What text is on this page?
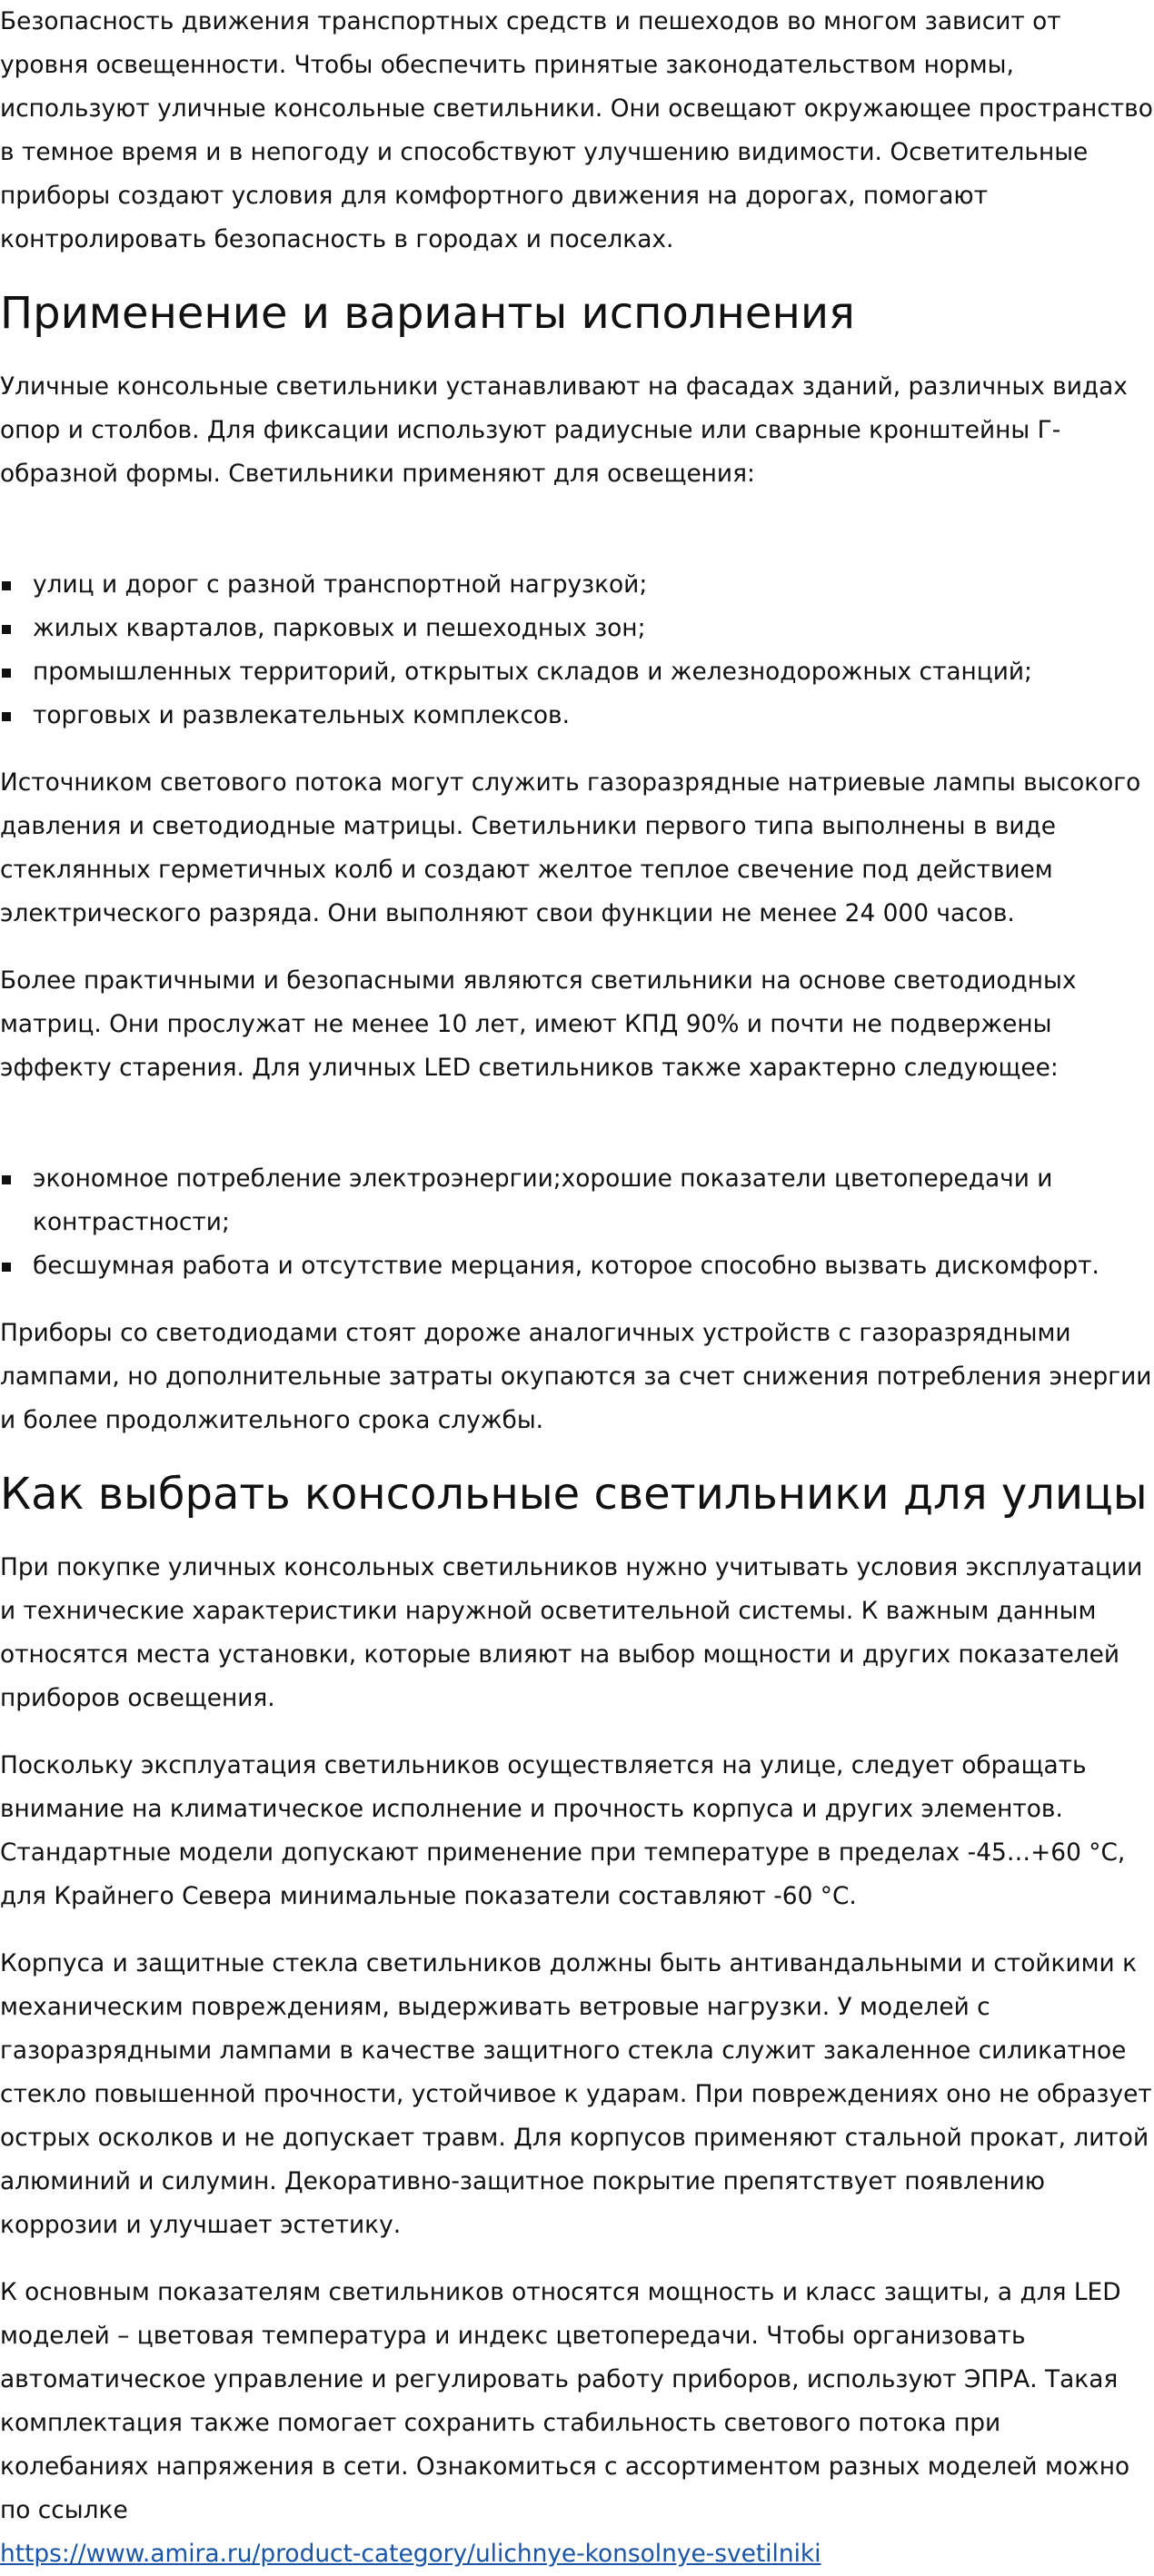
Безопасность движения транспортных средств и пешеходов во многом зависит от уровня освещенности. Чтобы обеспечить принятые законодательством нормы, используют уличные консольные светильники. Они освещают окружающее пространство в темное время и в непогоду и способствуют улучшению видимости. Осветительные приборы создают условия для комфортного движения на дорогах, помогают контролировать безопасность в городах и поселках.

Применение и варианты исполнения

Уличные консольные светильники устанавливают на фасадах зданий, различных видах опор и столбов. Для фиксации используют радиусные или сварные кронштейны Г-образной формы. Светильники применяют для освещения:

улиц и дорог с разной транспортной нагрузкой;
жилых кварталов, парковых и пешеходных зон;
промышленных территорий, открытых складов и железнодорожных станций;
торговых и развлекательных комплексов.

Источником светового потока могут служить газоразрядные натриевые лампы высокого давления и светодиодные матрицы. Светильники первого типа выполнены в виде стеклянных герметичных колб и создают желтое теплое свечение под действием электрического разряда. Они выполняют свои функции не менее 24 000 часов.

Более практичными и безопасными являются светильники на основе светодиодных матриц. Они прослужат не менее 10 лет, имеют КПД 90% и почти не подвержены эффекту старения. Для уличных LED светильников также характерно следующее:

экономное потребление электроэнергии;хорошие показатели цветопередачи и контрастности;
бесшумная работа и отсутствие мерцания, которое способно вызвать дискомфорт.

Приборы со светодиодами стоят дороже аналогичных устройств с газоразрядными лампами, но дополнительные затраты окупаются за счет снижения потребления энергии и более продолжительного срока службы.

Как выбрать консольные светильники для улицы

При покупке уличных консольных светильников нужно учитывать условия эксплуатации и технические характеристики наружной осветительной системы. К важным данным относятся места установки, которые влияют на выбор мощности и других показателей приборов освещения.

Поскольку эксплуатация светильников осуществляется на улице, следует обращать внимание на климатическое исполнение и прочность корпуса и других элементов. Стандартные модели допускают применение при температуре в пределах -45…+60 °C, для Крайнего Севера минимальные показатели составляют -60 °C.

Корпуса и защитные стекла светильников должны быть антивандальными и стойкими к механическим повреждениям, выдерживать ветровые нагрузки. У моделей с газоразрядными лампами в качестве защитного стекла служит закаленное силикатное стекло повышенной прочности, устойчивое к ударам. При повреждениях оно не образует острых осколков и не допускает травм. Для корпусов применяют стальной прокат, литой алюминий и силумин. Декоративно-защитное покрытие препятствует появлению коррозии и улучшает эстетику.

К основным показателям светильников относятся мощность и класс защиты, а для LED моделей – цветовая температура и индекс цветопередачи. Чтобы организовать автоматическое управление и регулировать работу приборов, используют ЭПРА. Такая комплектация также помогает сохранить стабильность светового потока при колебаниях напряжения в сети. Ознакомиться с ассортиментом разных моделей можно по ссылке
https://www.amira.ru/product-category/ulichnye-konsolnye-svetilniki
